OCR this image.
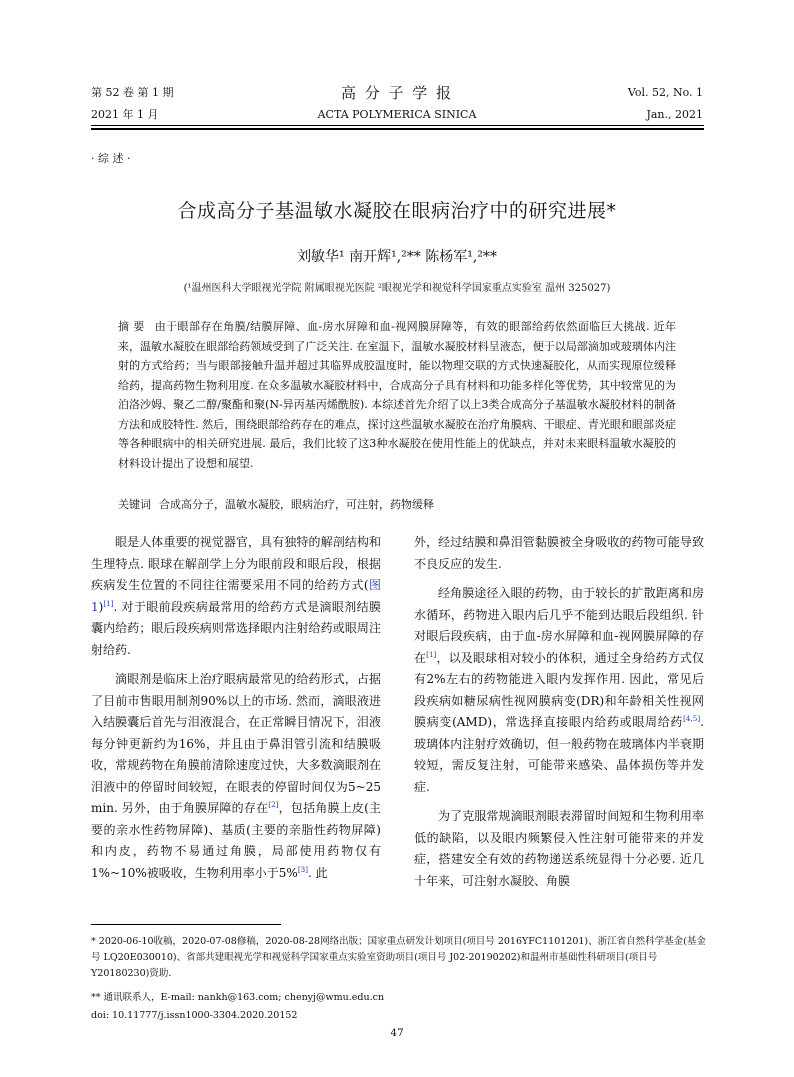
第 52 卷 第 1 期
2021 年 1 月
高 分 子 学 报
ACTA POLYMERICA SINICA
Vol. 52, No. 1
Jan., 2021
· 综 述 ·
合成高分子基温敏水凝胶在眼病治疗中的研究进展*
刘敏华¹ 南开辉¹,²** 陈杨军¹,²**
(¹温州医科大学眼视光学院 附属眼视光医院 ²眼视光学和视觉科学国家重点实验室 温州 325027)
摘 要 由于眼部存在角膜/结膜屏障、血-房水屏障和血-视网膜屏障等，有效的眼部给药依然面临巨大挑战. 近年来，温敏水凝胶在眼部给药领域受到了广泛关注. 在室温下，温敏水凝胶材料呈液态，便于以局部滴加或玻璃体内注射的方式给药；当与眼部接触升温并超过其临界成胶温度时，能以物理交联的方式快速凝胶化，从而实现原位缓释给药，提高药物生物利用度. 在众多温敏水凝胶材料中，合成高分子具有材料和功能多样化等优势，其中较常见的为泊洛沙姆、聚乙二醇/聚酯和聚(N-异丙基丙烯酰胺). 本综述首先介绍了以上3类合成高分子基温敏水凝胶材料的制备方法和成胶特性. 然后，围绕眼部给药存在的难点，探讨这些温敏水凝胶在治疗角膜病、干眼症、青光眼和眼部炎症等各种眼病中的相关研究进展. 最后，我们比较了这3种水凝胶在使用性能上的优缺点，并对未来眼科温敏水凝胶的材料设计提出了设想和展望.
关键词 合成高分子，温敏水凝胶，眼病治疗，可注射，药物缓释

眼是人体重要的视觉器官，具有独特的解剖结构和生理特点. 眼球在解剖学上分为眼前段和眼后段，根据疾病发生位置的不同往往需要采用不同的给药方式(图1)[1]. 对于眼前段疾病最常用的给药方式是滴眼剂结膜囊内给药；眼后段疾病则常选择眼内注射给药或眼周注射给药.

滴眼剂是临床上治疗眼病最常见的给药形式，占据了目前市售眼用制剂90%以上的市场. 然而，滴眼液进入结膜囊后首先与泪液混合，在正常瞬目情况下，泪液每分钟更新约为16%，并且由于鼻泪管引流和结膜吸收，常规药物在角膜前清除速度过快，大多数滴眼剂在泪液中的停留时间较短，在眼表的停留时间仅为5~25 min. 另外，由于角膜屏障的存在[2]，包括角膜上皮(主要的亲水性药物屏障)、基质(主要的亲脂性药物屏障)和内皮，药物不易通过角膜，局部使用药物仅有1%~10%被吸收，生物利用率小于5%[3]. 此

外，经过结膜和鼻泪管黏膜被全身吸收的药物可能导致不良反应的发生.

经角膜途径入眼的药物，由于较长的扩散距离和房水循环，药物进入眼内后几乎不能到达眼后段组织. 针对眼后段疾病，由于血-房水屏障和血-视网膜屏障的存在[1]，以及眼球相对较小的体积，通过全身给药方式仅有2%左右的药物能进入眼内发挥作用. 因此，常见后段疾病如糖尿病性视网膜病变(DR)和年龄相关性视网膜病变(AMD)，常选择直接眼内给药或眼周给药[4,5]. 玻璃体内注射疗效确切，但一般药物在玻璃体内半衰期较短，需反复注射，可能带来感染、晶体损伤等并发症.

为了克服常规滴眼剂眼表滞留时间短和生物利用率低的缺陷，以及眼内频繁侵入性注射可能带来的并发症，搭建安全有效的药物递送系统显得十分必要. 近几十年来，可注射水凝胶、角膜

* 2020-06-10收稿，2020-07-08修稿，2020-08-28网络出版；国家重点研发计划项目(项目号 2016YFC1101201)、浙江省自然科学基金(基金号 LQ20E030010)、省部共建眼视光学和视觉科学国家重点实验室资助项目(项目号 J02-20190202)和温州市基础性科研项目(项目号 Y20180230)资助.
** 通讯联系人，E-mail: nankh@163.com; chenyj@wmu.edu.cn
doi: 10.11777/j.issn1000-3304.2020.20152
47
